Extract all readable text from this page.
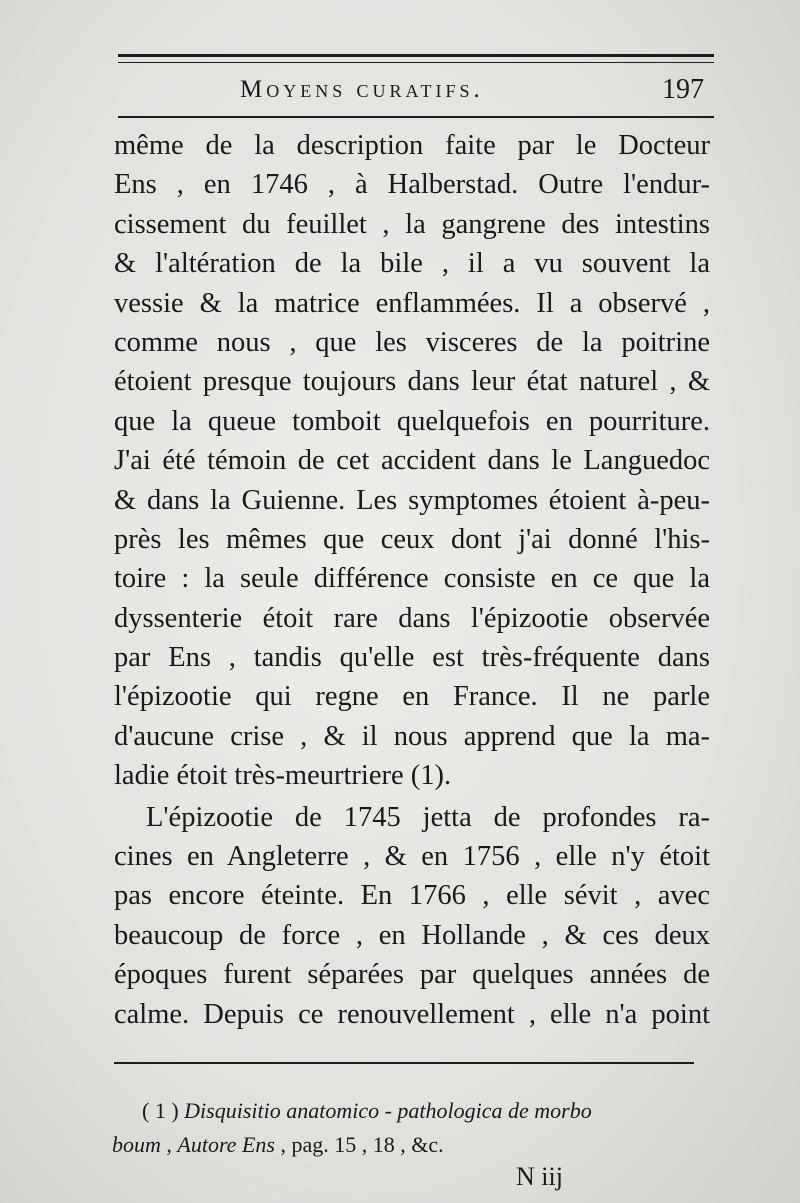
Moyens curatifs.	197
même de la description faite par le Docteur
Ens , en 1746 , à Halberstad. Outre l'endur-
cissement du feuillet , la gangrene des intestins
& l'altération de la bile , il a vu souvent la
vessie & la matrice enflammées. Il a observé ,
comme nous , que les visceres de la poitrine
étoient presque toujours dans leur état naturel , &
que la queue tomboit quelquefois en pourriture.
J'ai été témoin de cet accident dans le Languedoc
& dans la Guienne. Les symptomes étoient à-peu-
près les mêmes que ceux dont j'ai donné l'his-
toire : la seule différence consiste en ce que la
dyssenterie étoit rare dans l'épizootie observée
par Ens , tandis qu'elle est très-fréquente dans
l'épizootie qui regne en France. Il ne parle
d'aucune crise , & il nous apprend que la ma-
ladie étoit très-meurtriere (1).
L'épizootie de 1745 jetta de profondes ra-
cines en Angleterre , & en 1756 , elle n'y étoit
pas encore éteinte. En 1766 , elle sévit , avec
beaucoup de force , en Hollande , & ces deux
époques furent séparées par quelques années de
calme. Depuis ce renouvellement , elle n'a point
( 1 ) Disquisitio anatomico - pathologica de morbo
boum , Autore Ens , pag. 15 , 18 , &c.
N iij
